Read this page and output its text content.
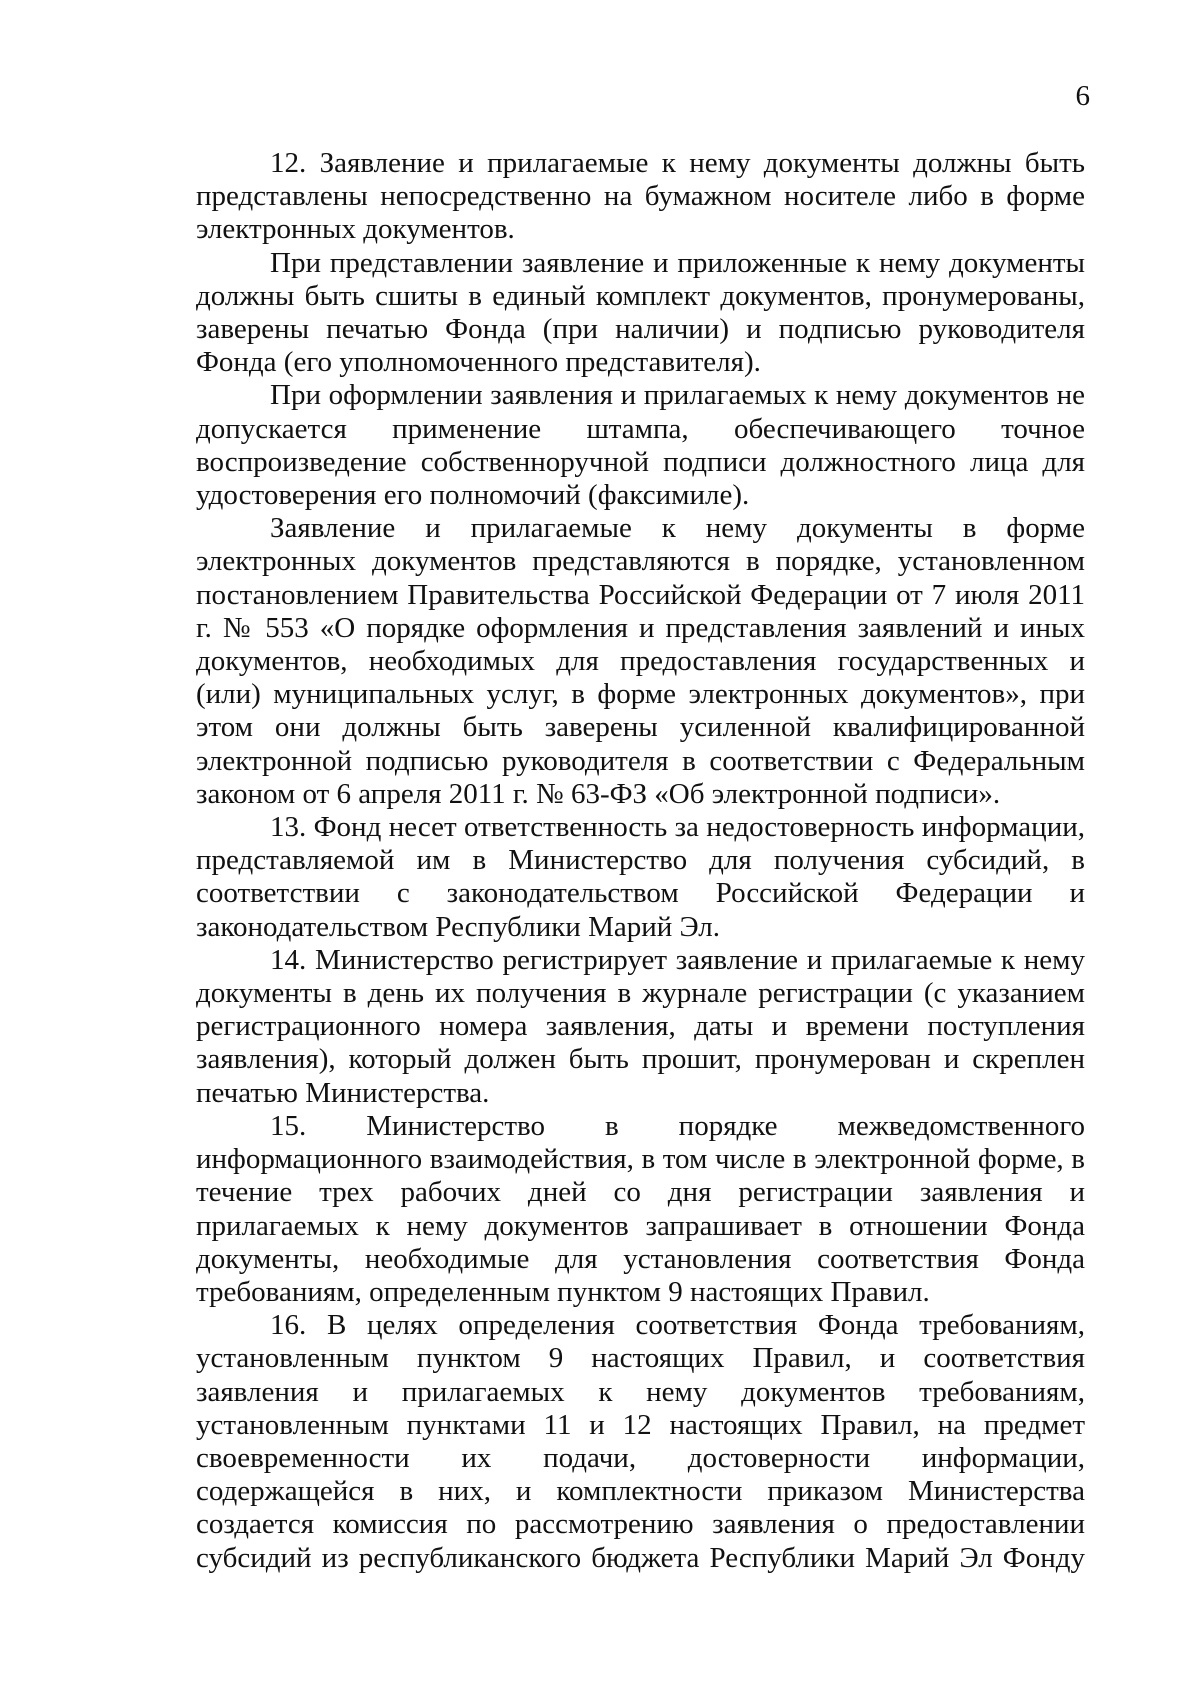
6

12. Заявление и прилагаемые к нему документы должны быть представлены непосредственно на бумажном носителе либо в форме электронных документов.

При представлении заявление и приложенные к нему документы должны быть сшиты в единый комплект документов, пронумерованы, заверены печатью Фонда (при наличии) и подписью руководителя Фонда (его уполномоченного представителя).

При оформлении заявления и прилагаемых к нему документов не допускается применение штампа, обеспечивающего точное воспроизведение собственноручной подписи должностного лица для удостоверения его полномочий (факсимиле).

Заявление и прилагаемые к нему документы в форме электронных документов представляются в порядке, установленном постановлением Правительства Российской Федерации от 7 июля 2011 г. № 553 «О порядке оформления и представления заявлений и иных документов, необходимых для предоставления государственных и (или) муниципальных услуг, в форме электронных документов», при этом они должны быть заверены усиленной квалифицированной электронной подписью руководителя в соответствии с Федеральным законом от 6 апреля 2011 г. № 63-ФЗ «Об электронной подписи».

13. Фонд несет ответственность за недостоверность информации, представляемой им в Министерство для получения субсидий, в соответствии с законодательством Российской Федерации и законодательством Республики Марий Эл.

14. Министерство регистрирует заявление и прилагаемые к нему документы в день их получения в журнале регистрации (с указанием регистрационного номера заявления, даты и времени поступления заявления), который должен быть прошит, пронумерован и скреплен печатью Министерства.

15. Министерство в порядке межведомственного информационного взаимодействия, в том числе в электронной форме, в течение трех рабочих дней со дня регистрации заявления и прилагаемых к нему документов запрашивает в отношении Фонда документы, необходимые для установления соответствия Фонда требованиям, определенным пунктом 9 настоящих Правил.

16. В целях определения соответствия Фонда требованиям, установленным пунктом 9 настоящих Правил, и соответствия заявления и прилагаемых к нему документов требованиям, установленным пунктами 11 и 12 настоящих Правил, на предмет своевременности их подачи, достоверности информации, содержащейся в них, и комплектности приказом Министерства создается комиссия по рассмотрению заявления о предоставлении субсидий из республиканского бюджета Республики Марий Эл Фонду
